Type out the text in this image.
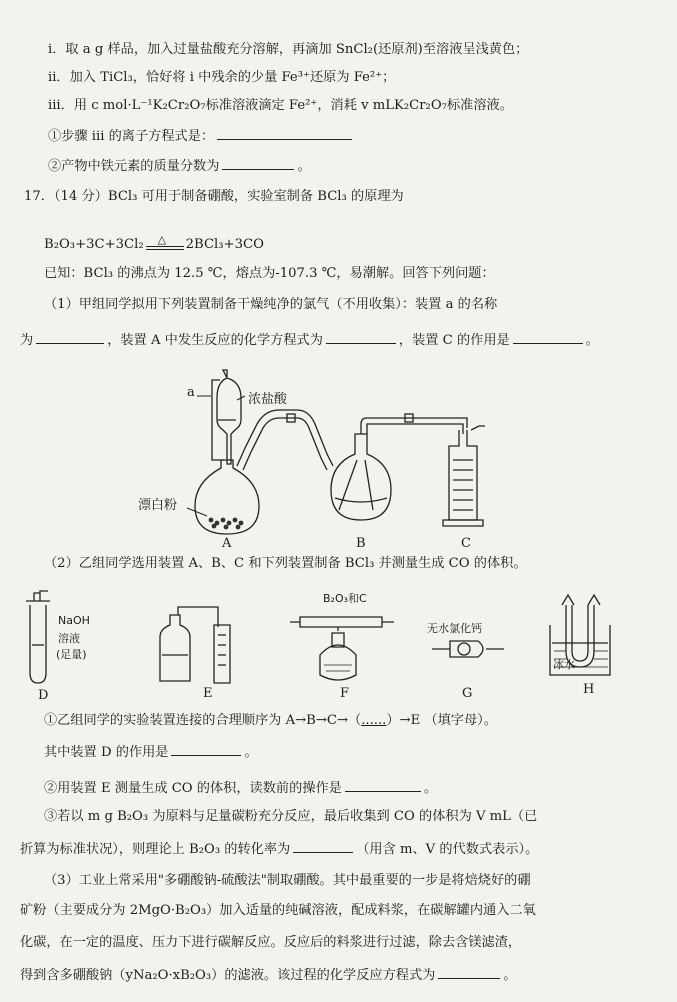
i．取 a g 样品，加入过量盐酸充分溶解，再滴加 SnCl₂(还原剂)至溶液呈浅黄色；
ii．加入 TiCl₃，恰好将 i 中残余的少量 Fe³⁺还原为 Fe²⁺；
iii．用 c mol·L⁻¹K₂Cr₂O₇标准溶液滴定 Fe²⁺，消耗 v mLK₂Cr₂O₇标准溶液。
①步骤 iii 的离子方程式是：
②产物中铁元素的质量分数为	。
17．（14 分）BCl₃ 可用于制备硼酸，实验室制备 BCl₃ 的原理为
B₂O₃+3C+3Cl₂ △ 2BCl₃+3CO
已知：BCl₃ 的沸点为 12.5 ℃，熔点为-107.3 ℃，易潮解。回答下列问题：
（1）甲组同学拟用下列装置制备干燥纯净的氯气（不用收集）：装置 a 的名称
为	，装置 A 中发生反应的化学方程式为	，装置 C 的作用是	。
a	浓盐酸
漂白粉
A	B	C
（2）乙组同学选用装置 A、B、C 和下列装置制备 BCl₃ 并测量生成 CO 的体积。
NaOH
溶液
(足量)
D	E
B₂O₃和C
F
无水氯化钙
G
冰水
H
①乙组同学的实验装置连接的合理顺序为 A→B→C→（......）→E （填字母）。
其中装置 D 的作用是	。
②用装置 E 测量生成 CO 的体积，读数前的操作是	。
③若以 m g B₂O₃ 为原料与足量碳粉充分反应，最后收集到 CO 的体积为 V mL（已
折算为标准状况），则理论上 B₂O₃ 的转化率为	（用含 m、V 的代数式表示）。
（3）工业上常采用"多硼酸钠-硫酸法"制取硼酸。其中最重要的一步是将焙烧好的硼
矿粉（主要成分为 2MgO·B₂O₃）加入适量的纯碱溶液，配成料浆，在碳解罐内通入二氧
化碳，在一定的温度、压力下进行碳解反应。反应后的料浆进行过滤，除去含镁滤渣，
得到含多硼酸钠（yNa₂O·xB₂O₃）的滤液。该过程的化学反应方程式为	。
